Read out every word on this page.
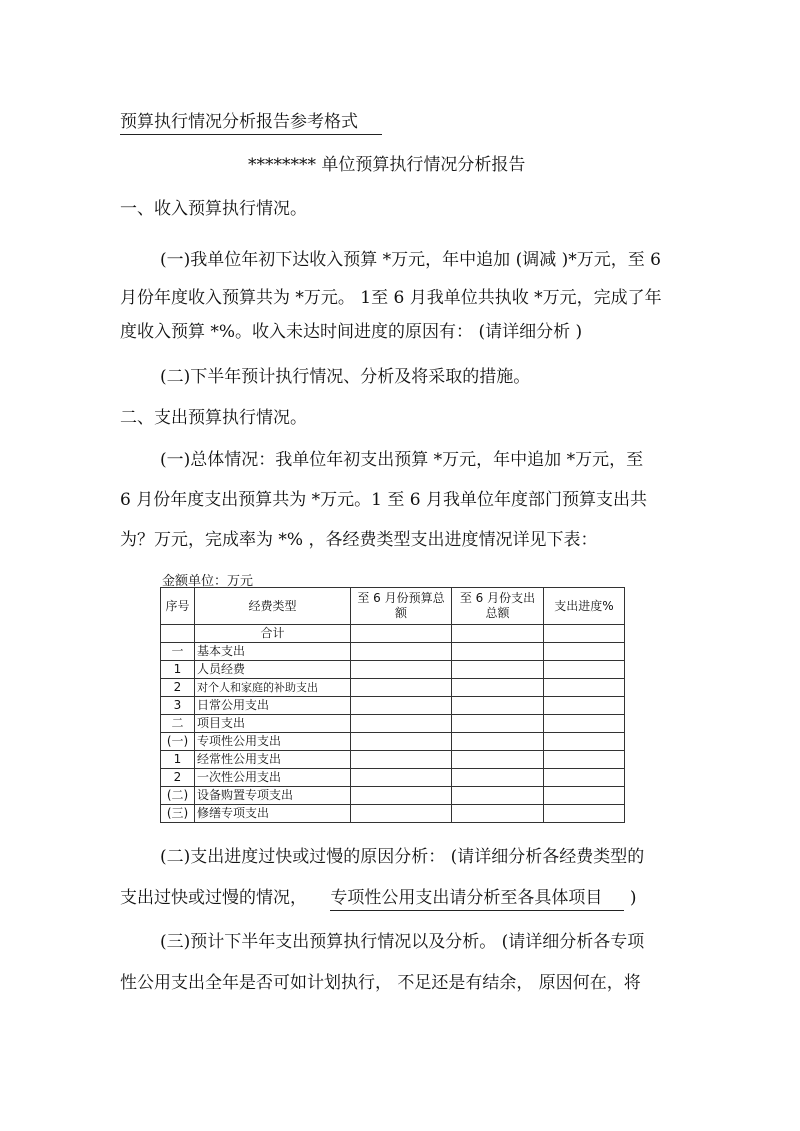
预算执行情况分析报告参考格式
******** 单位预算执行情况分析报告
一、收入预算执行情况。
(一)我单位年初下达收入预算 *万元，年中追加 (调减 )*万元，至 6
月份年度收入预算共为 *万元。 1至 6 月我单位共执收 *万元，完成了年
度收入预算 *%。收入未达时间进度的原因有： (请详细分析 )
(二)下半年预计执行情况、分析及将采取的措施。
二、支出预算执行情况。
(一)总体情况：我单位年初支出预算 *万元，年中追加 *万元，至
6 月份年度支出预算共为 *万元。1 至 6 月我单位年度部门预算支出共
为？万元，完成率为 *% ，各经费类型支出进度情况详见下表：
金额单位：万元
序号	经费类型	至 6 月份预算总额	至 6 月份支出总额	支出进度%
	合计			
一	基本支出			
1	人员经费			
2	对个人和家庭的补助支出			
3	日常公用支出			
二	项目支出			
(一)	专项性公用支出			
1	经常性公用支出			
2	一次性公用支出			
(二)	设备购置专项支出			
(三)	修缮专项支出			
(二)支出进度过快或过慢的原因分析： (请详细分析各经费类型的
支出过快或过慢的情况， 专项性公用支出请分析至各具体项目 )
(三)预计下半年支出预算执行情况以及分析。 (请详细分析各专项
性公用支出全年是否可如计划执行， 不足还是有结余， 原因何在，将
